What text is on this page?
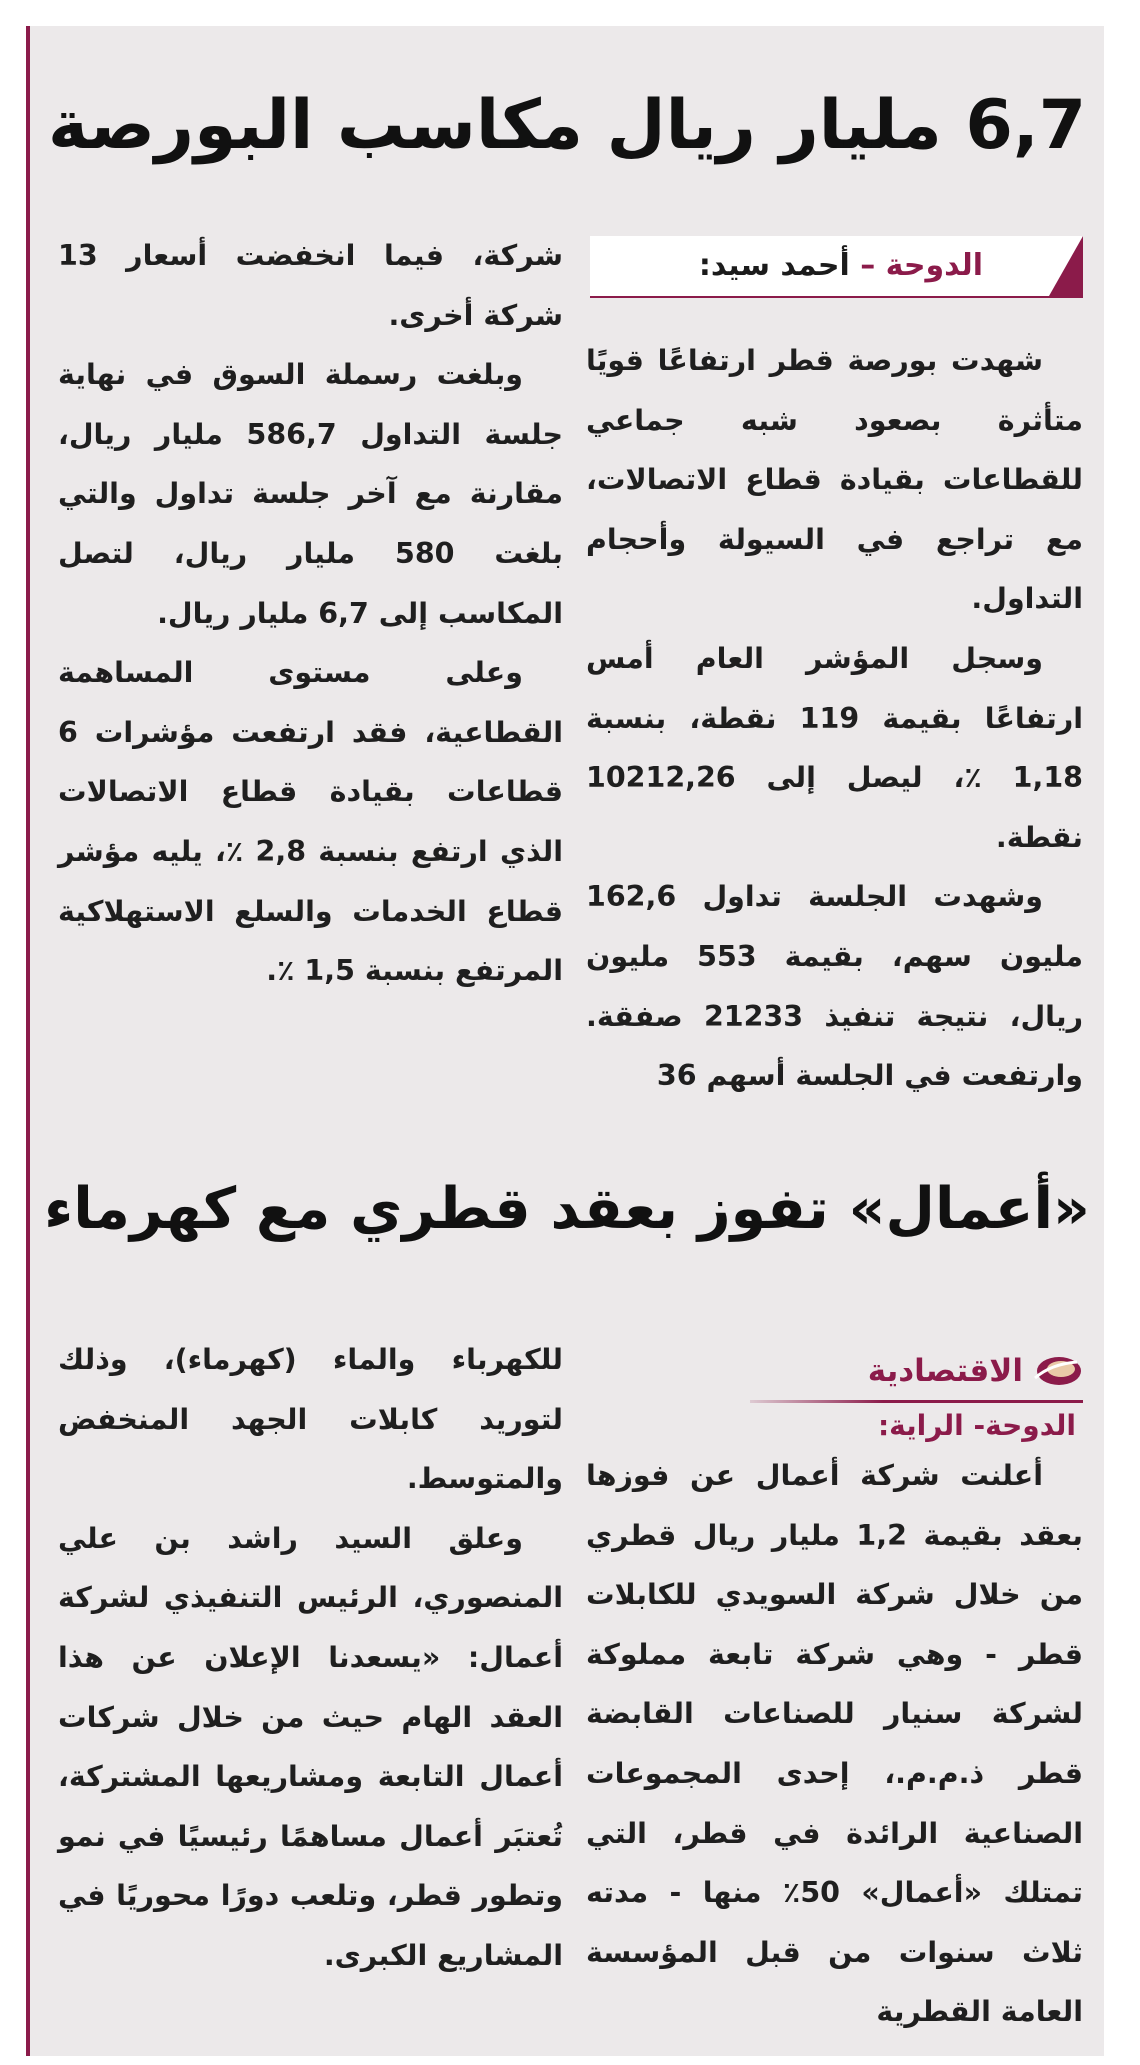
6,7 مليار ريال مكاسب البورصة
الدوحة – أحمد سيد:

شهدت بورصة قطر ارتفاعًا قويًا متأثرة بصعود شبه جماعي للقطاعات بقيادة قطاع الاتصالات، مع تراجع في السيولة وأحجام التداول.

وسجل المؤشر العام أمس ارتفاعًا بقيمة 119 نقطة، بنسبة 1,18 ٪، ليصل إلى 10212,26 نقطة.

وشهدت الجلسة تداول 162,6 مليون سهم، بقيمة 553 مليون ريال، نتيجة تنفيذ 21233 صفقة. وارتفعت في الجلسة أسهم 36

شركة، فيما انخفضت أسعار 13 شركة أخرى.

وبلغت رسملة السوق في نهاية جلسة التداول 586,7 مليار ريال، مقارنة مع آخر جلسة تداول والتي بلغت 580 مليار ريال، لتصل المكاسب إلى 6,7 مليار ريال.

وعلى مستوى المساهمة القطاعية، فقد ارتفعت مؤشرات 6 قطاعات بقيادة قطاع الاتصالات الذي ارتفع بنسبة 2,8 ٪، يليه مؤشر قطاع الخدمات والسلع الاستهلاكية المرتفع بنسبة 1,5 ٪.

«أعمال» تفوز بعقد قطري مع كهرماء
الاقتصادية
الدوحة- الراية:

أعلنت شركة أعمال عن فوزها بعقد بقيمة 1,2 مليار ريال قطري من خلال شركة السويدي للكابلات قطر - وهي شركة تابعة مملوكة لشركة سنيار للصناعات القابضة قطر ذ.م.م.، إحدى المجموعات الصناعية الرائدة في قطر، التي تمتلك «أعمال» 50٪ منها - مدته ثلاث سنوات من قبل المؤسسة العامة القطرية

للكهرباء والماء (كهرماء)، وذلك لتوريد كابلات الجهد المنخفض والمتوسط.

وعلق السيد راشد بن علي المنصوري، الرئيس التنفيذي لشركة أعمال: «يسعدنا الإعلان عن هذا العقد الهام حيث من خلال شركات أعمال التابعة ومشاريعها المشتركة، تُعتبَر أعمال مساهمًا رئيسيًا في نمو وتطور قطر، وتلعب دورًا محوريًا في المشاريع الكبرى.
